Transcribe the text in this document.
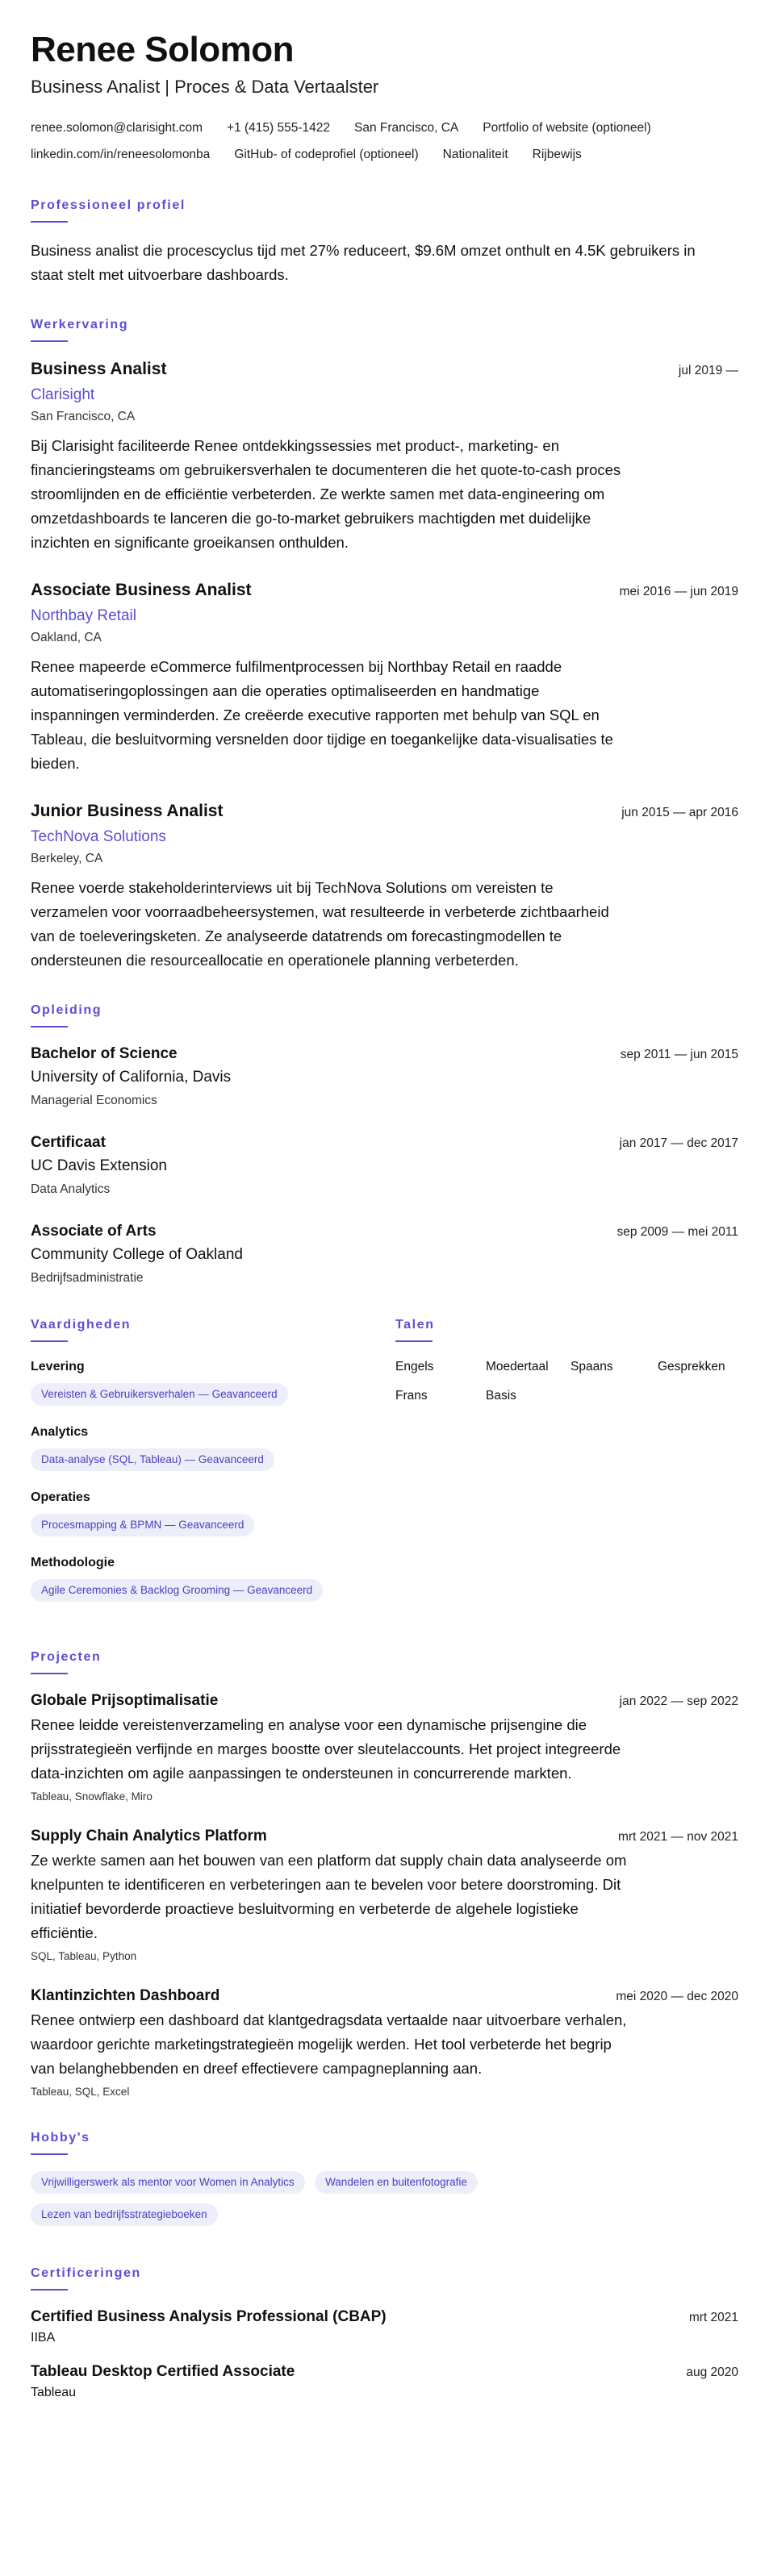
Renee Solomon
Business Analist | Proces & Data Vertaalster
renee.solomon@clarisight.com +1 (415) 555-1422 San Francisco, CA Portfolio of website (optioneel)
linkedin.com/in/reneesolomonba GitHub- of codeprofiel (optioneel) Nationaliteit Rijbewijs
Professioneel profiel
Business analist die procescyclus tijd met 27% reduceert, $9.6M omzet onthult en 4.5K gebruikers in staat stelt met uitvoerbare dashboards.
Werkervaring
Business Analist	jul 2019 —
Clarisight
San Francisco, CA
Bij Clarisight faciliteerde Renee ontdekkingssessies met product-, marketing- en financieringsteams om gebruikersverhalen te documenteren die het quote-to-cash proces stroomlijnden en de efficiëntie verbeterden. Ze werkte samen met data-engineering om omzetdashboards te lanceren die go-to-market gebruikers machtigden met duidelijke inzichten en significante groeikansen onthulden.
Associate Business Analist	mei 2016 — jun 2019
Northbay Retail
Oakland, CA
Renee mapeerde eCommerce fulfilmentprocessen bij Northbay Retail en raadde automatiseringoplossingen aan die operaties optimaliseerden en handmatige inspanningen verminderden. Ze creëerde executive rapporten met behulp van SQL en Tableau, die besluitvorming versnelden door tijdige en toegankelijke data-visualisaties te bieden.
Junior Business Analist	jun 2015 — apr 2016
TechNova Solutions
Berkeley, CA
Renee voerde stakeholderinterviews uit bij TechNova Solutions om vereisten te verzamelen voor voorraadbeheersystemen, wat resulteerde in verbeterde zichtbaarheid van de toeleveringsketen. Ze analyseerde datatrends om forecastingmodellen te ondersteunen die resourceallocatie en operationele planning verbeterden.
Opleiding
Bachelor of Science	sep 2011 — jun 2015
University of California, Davis
Managerial Economics
Certificaat	jan 2017 — dec 2017
UC Davis Extension
Data Analytics
Associate of Arts	sep 2009 — mei 2011
Community College of Oakland
Bedrijfsadministratie
Vaardigheden
Levering
Vereisten & Gebruikersverhalen — Geavanceerd
Analytics
Data-analyse (SQL, Tableau) — Geavanceerd
Operaties
Procesmapping & BPMN — Geavanceerd
Methodologie
Agile Ceremonies & Backlog Grooming — Geavanceerd
Talen
Engels	Moedertaal	Spaans	Gesprekken
Frans	Basis
Projecten
Globale Prijsoptimalisatie	jan 2022 — sep 2022
Renee leidde vereistenverzameling en analyse voor een dynamische prijsengine die prijsstrategieën verfijnde en marges boostte over sleutelaccounts. Het project integreerde data-inzichten om agile aanpassingen te ondersteunen in concurrerende markten.
Tableau, Snowflake, Miro
Supply Chain Analytics Platform	mrt 2021 — nov 2021
Ze werkte samen aan het bouwen van een platform dat supply chain data analyseerde om knelpunten te identificeren en verbeteringen aan te bevelen voor betere doorstroming. Dit initiatief bevorderde proactieve besluitvorming en verbeterde de algehele logistieke efficiëntie.
SQL, Tableau, Python
Klantinzichten Dashboard	mei 2020 — dec 2020
Renee ontwierp een dashboard dat klantgedragsdata vertaalde naar uitvoerbare verhalen, waardoor gerichte marketingstrategieën mogelijk werden. Het tool verbeterde het begrip van belanghebbenden en dreef effectievere campagneplanning aan.
Tableau, SQL, Excel
Hobby's
Vrijwilligerswerk als mentor voor Women in Analytics	Wandelen en buitenfotografie Lezen van bedrijfsstrategieboeken
Certificeringen
Certified Business Analysis Professional (CBAP)	mrt 2021
IIBA
Tableau Desktop Certified Associate	aug 2020
Tableau
